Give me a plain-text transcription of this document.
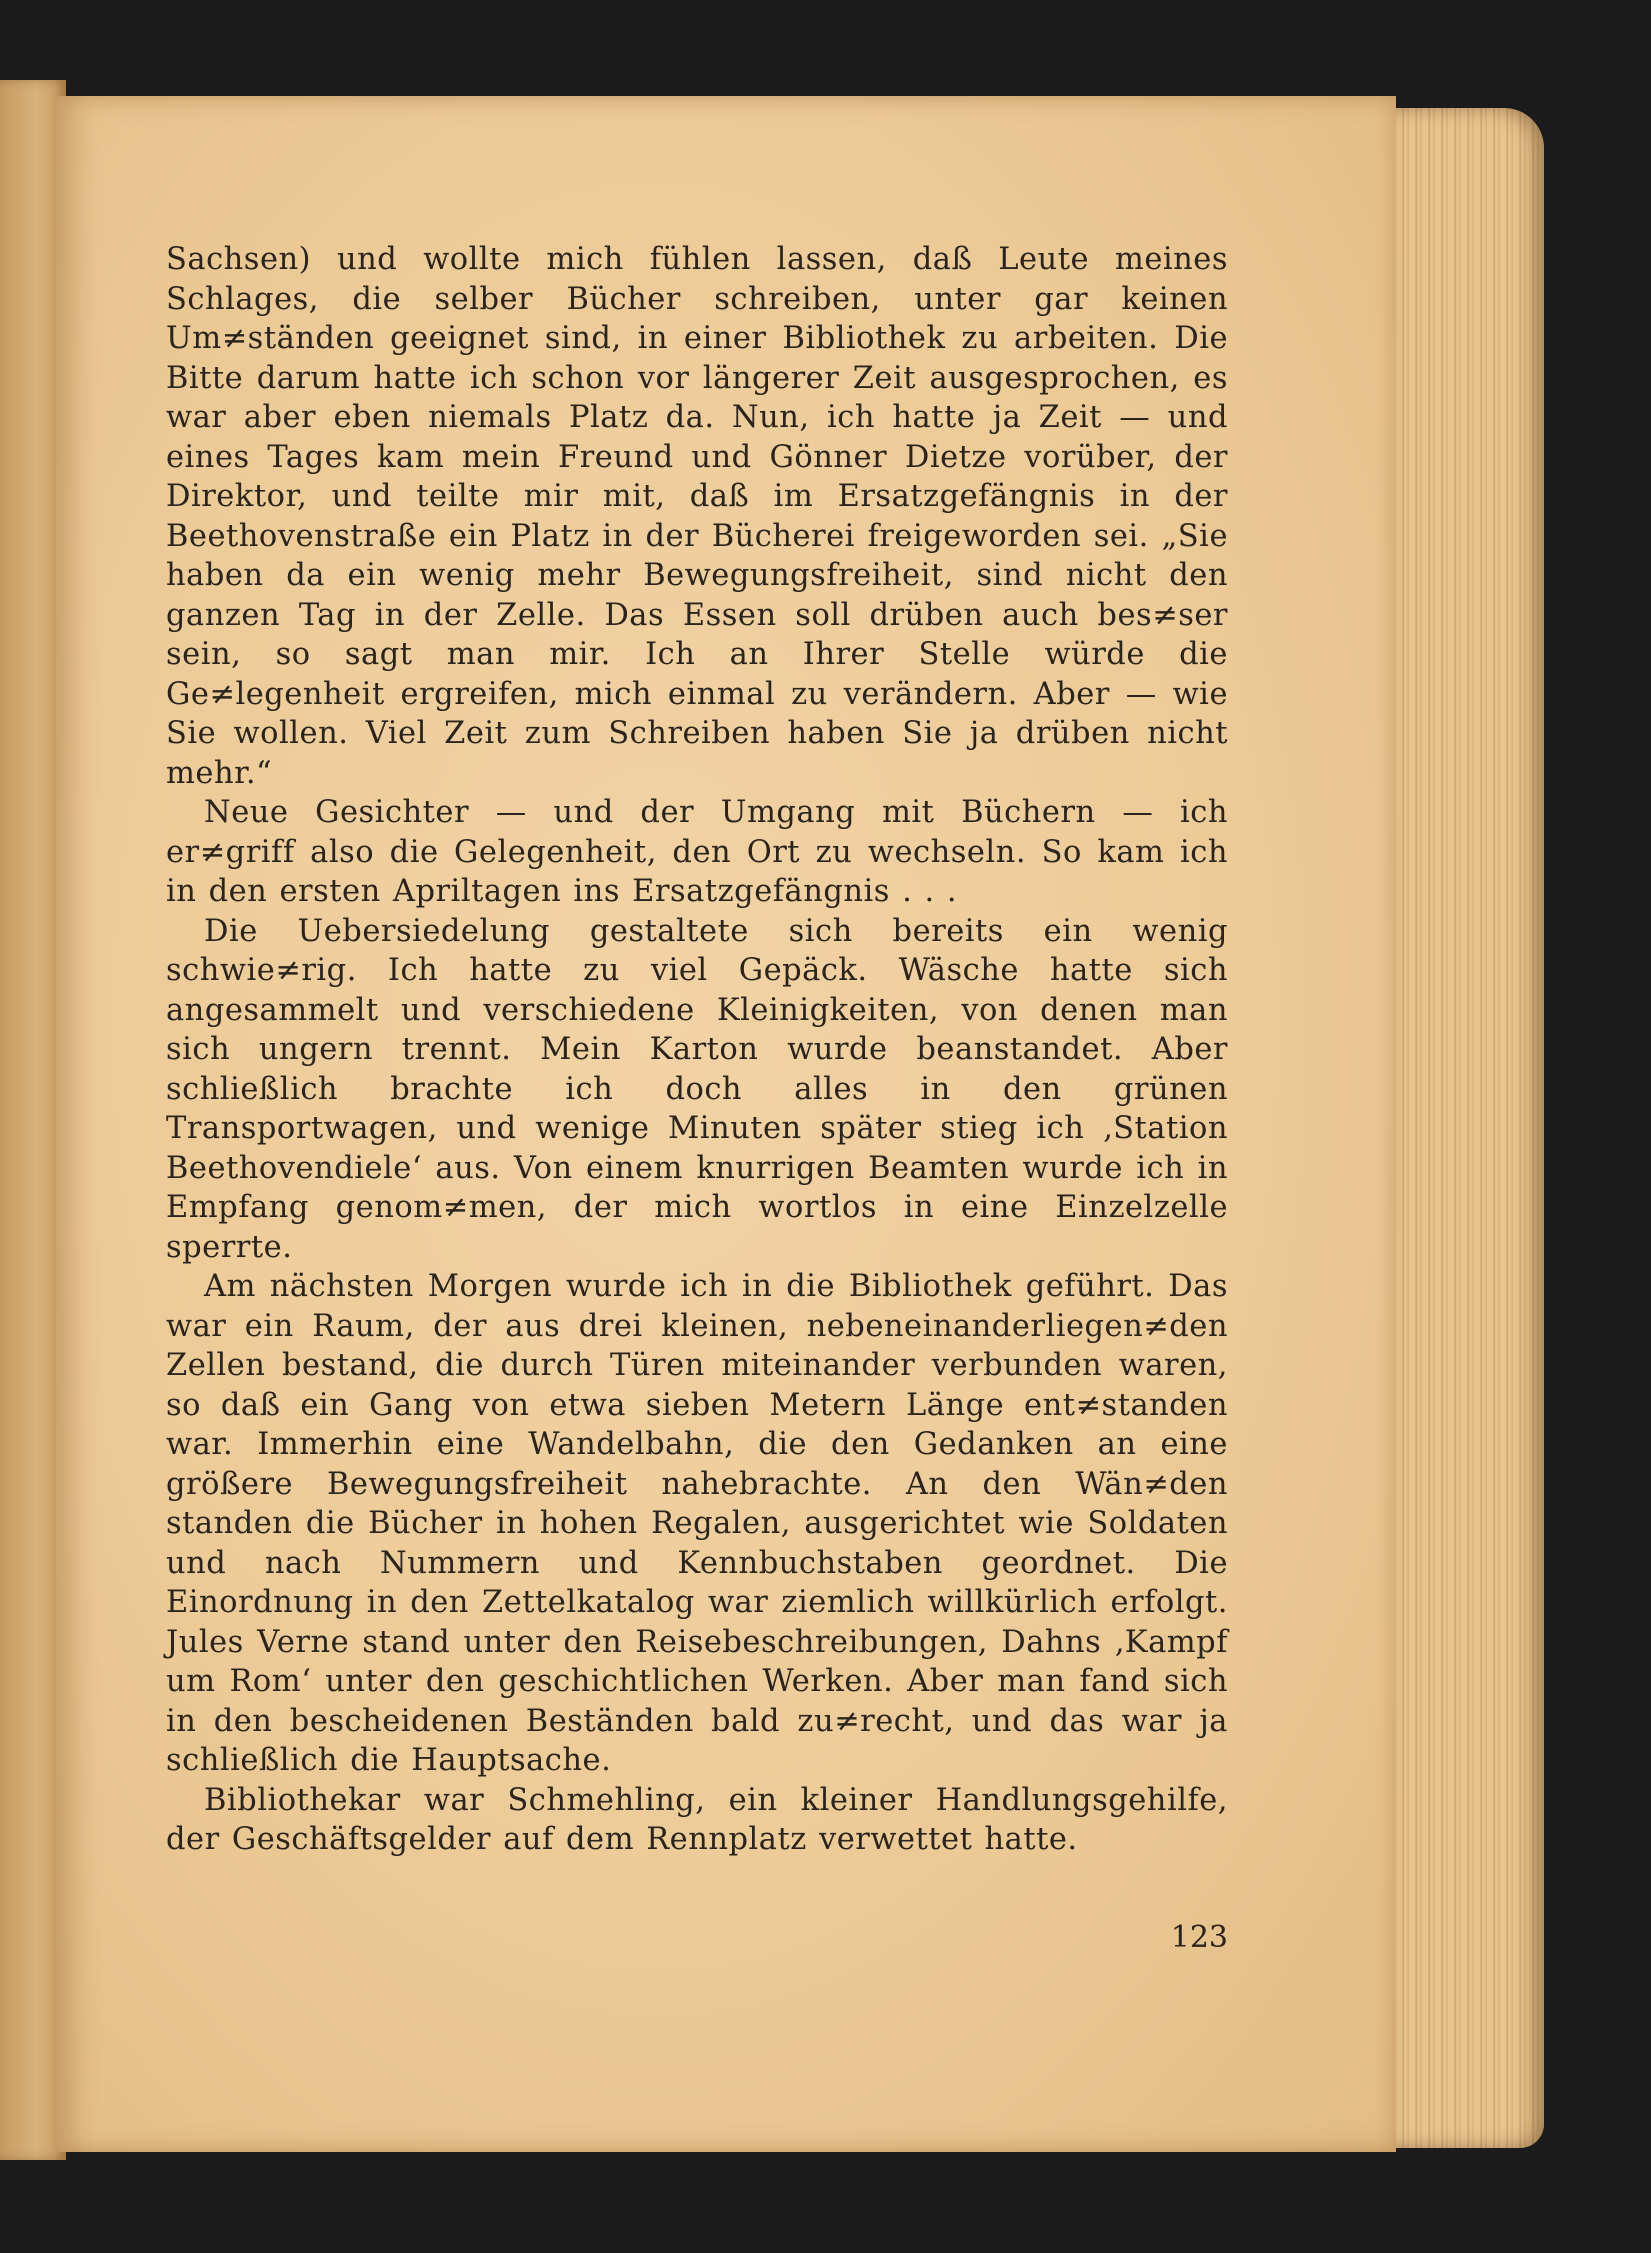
Sachsen) und wollte mich fühlen lassen, daß Leute meines Schlages, die selber Bücher schreiben, unter gar keinen Um≠ständen geeignet sind, in einer Bibliothek zu arbeiten. Die Bitte darum hatte ich schon vor längerer Zeit ausgesprochen, es war aber eben niemals Platz da. Nun, ich hatte ja Zeit — und eines Tages kam mein Freund und Gönner Dietze vorüber, der Direktor, und teilte mir mit, daß im Ersatzgefängnis in der Beethovenstraße ein Platz in der Bücherei freigeworden sei. „Sie haben da ein wenig mehr Bewegungsfreiheit, sind nicht den ganzen Tag in der Zelle. Das Essen soll drüben auch bes≠ser sein, so sagt man mir. Ich an Ihrer Stelle würde die Ge≠legenheit ergreifen, mich einmal zu verändern. Aber — wie Sie wollen. Viel Zeit zum Schreiben haben Sie ja drüben nicht mehr.“

Neue Gesichter — und der Umgang mit Büchern — ich er≠griff also die Gelegenheit, den Ort zu wechseln. So kam ich in den ersten Apriltagen ins Ersatzgefängnis . . .

Die Uebersiedelung gestaltete sich bereits ein wenig schwie≠rig. Ich hatte zu viel Gepäck. Wäsche hatte sich angesammelt und verschiedene Kleinigkeiten, von denen man sich ungern trennt. Mein Karton wurde beanstandet. Aber schließlich brachte ich doch alles in den grünen Transportwagen, und wenige Minuten später stieg ich ‚Station Beethovendiele‘ aus. Von einem knurrigen Beamten wurde ich in Empfang genom≠men, der mich wortlos in eine Einzelzelle sperrte.

Am nächsten Morgen wurde ich in die Bibliothek geführt. Das war ein Raum, der aus drei kleinen, nebeneinanderliegen≠den Zellen bestand, die durch Türen miteinander verbunden waren, so daß ein Gang von etwa sieben Metern Länge ent≠standen war. Immerhin eine Wandelbahn, die den Gedanken an eine größere Bewegungsfreiheit nahebrachte. An den Wän≠den standen die Bücher in hohen Regalen, ausgerichtet wie Soldaten und nach Nummern und Kennbuchstaben geordnet. Die Einordnung in den Zettelkatalog war ziemlich willkürlich erfolgt. Jules Verne stand unter den Reisebeschreibungen, Dahns ‚Kampf um Rom‘ unter den geschichtlichen Werken. Aber man fand sich in den bescheidenen Beständen bald zu≠recht, und das war ja schließlich die Hauptsache.

Bibliothekar war Schmehling, ein kleiner Handlungsgehilfe, der Geschäftsgelder auf dem Rennplatz verwettet hatte.

123
